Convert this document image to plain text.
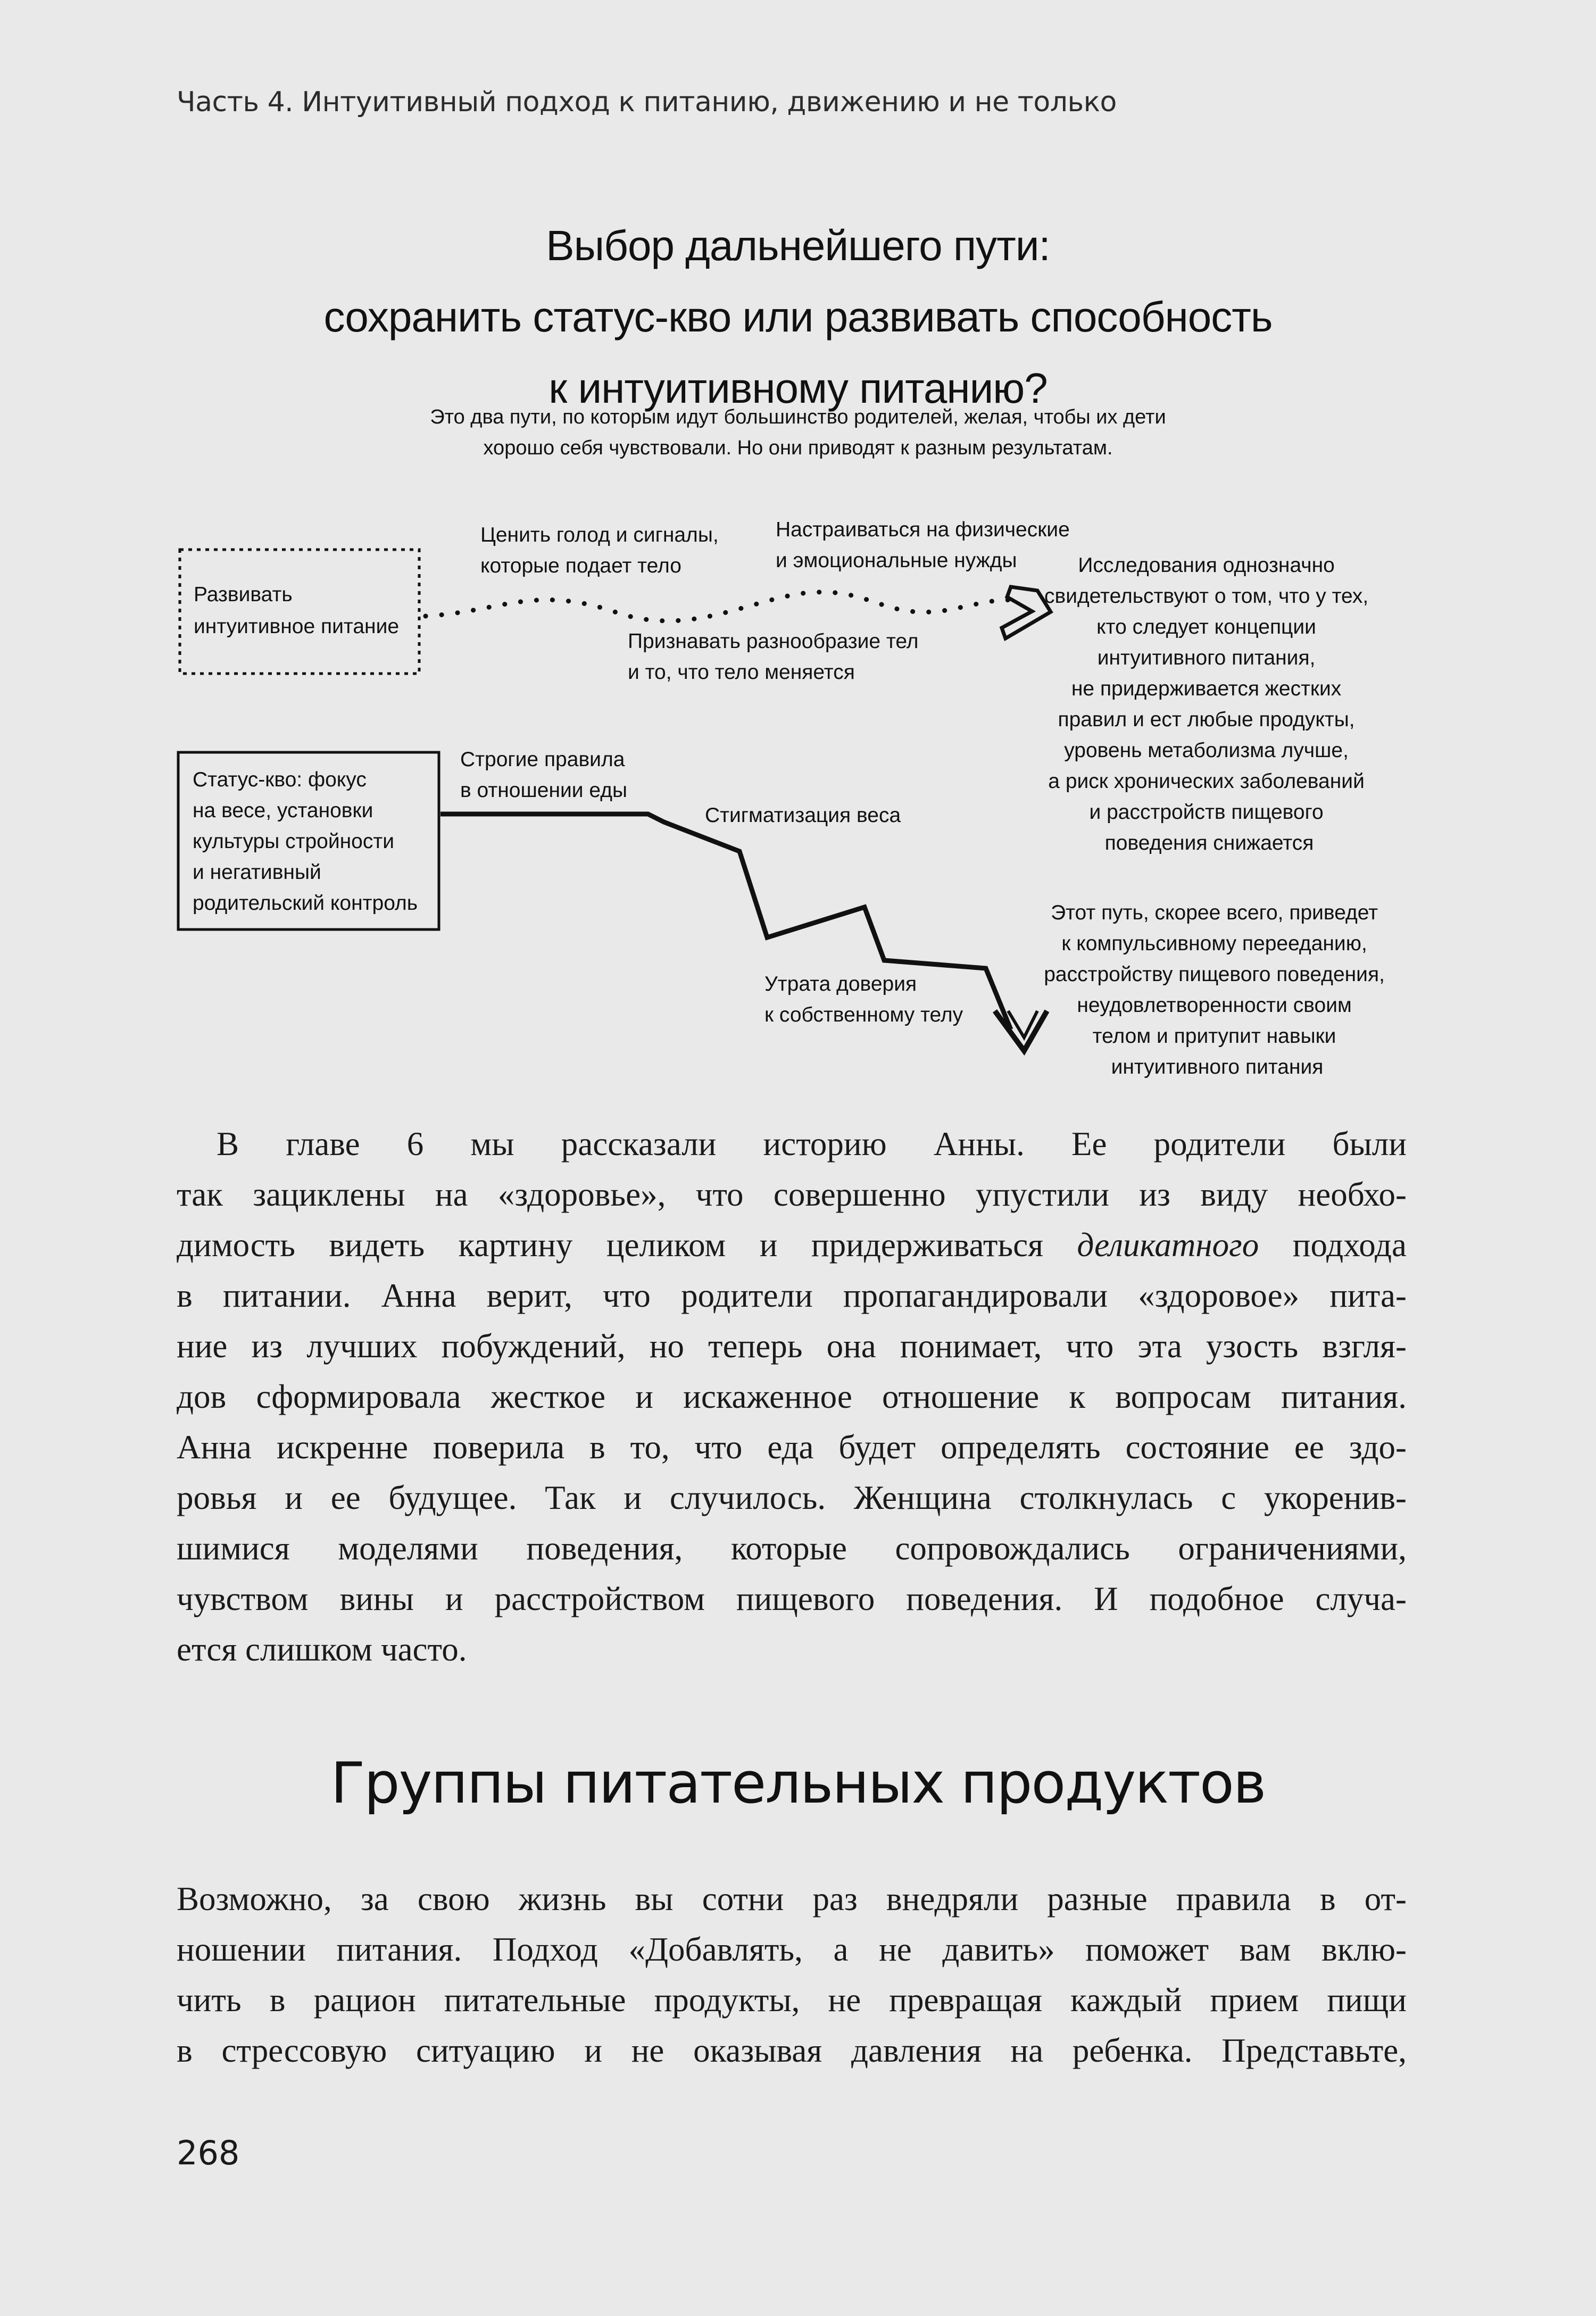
Часть 4. Интуитивный подход к питанию, движению и не только
Выбор дальнейшего пути:
сохранить статус-кво или развивать способность
к интуитивному питанию?
Это два пути, по которым идут большинство родителей, желая, чтобы их дети
хорошо себя чувствовали. Но они приводят к разным результатам.
Развивать интуитивное питание
Ценить голод и сигналы, которые подает тело
Настраиваться на физические и эмоциональные нужды
Признавать разнообразие тел и то, что тело меняется
Исследования однозначно свидетельствуют о том, что у тех, кто следует концепции интуитивного питания, не придерживается жестких правил и ест любые продукты, уровень метаболизма лучше, а риск хронических заболеваний и расстройств пищевого поведения снижается
Статус-кво: фокус на весе, установки культуры стройности и негативный родительский контроль
Строгие правила в отношении еды
Стигматизация веса
Утрата доверия к собственному телу
Этот путь, скорее всего, приведет к компульсивному перееданию, расстройству пищевого поведения, неудовлетворенности своим телом и притупит навыки интуитивного питания
В главе 6 мы рассказали историю Анны. Ее родители были
так зациклены на «здоровье», что совершенно упустили из виду необхо-
димость видеть картину целиком и придерживаться деликатного подхода
в питании. Анна верит, что родители пропагандировали «здоровое» пита-
ние из лучших побуждений, но теперь она понимает, что эта узость взгля-
дов сформировала жесткое и искаженное отношение к вопросам питания.
Анна искренне поверила в то, что еда будет определять состояние ее здо-
ровья и ее будущее. Так и случилось. Женщина столкнулась с укоренив-
шимися моделями поведения, которые сопровождались ограничениями,
чувством вины и расстройством пищевого поведения. И подобное случа-
ется слишком часто.
Группы питательных продуктов
Возможно, за свою жизнь вы сотни раз внедряли разные правила в от-
ношении питания. Подход «Добавлять, а не давить» поможет вам вклю-
чить в рацион питательные продукты, не превращая каждый прием пищи
в стрессовую ситуацию и не оказывая давления на ребенка. Представьте,
268
